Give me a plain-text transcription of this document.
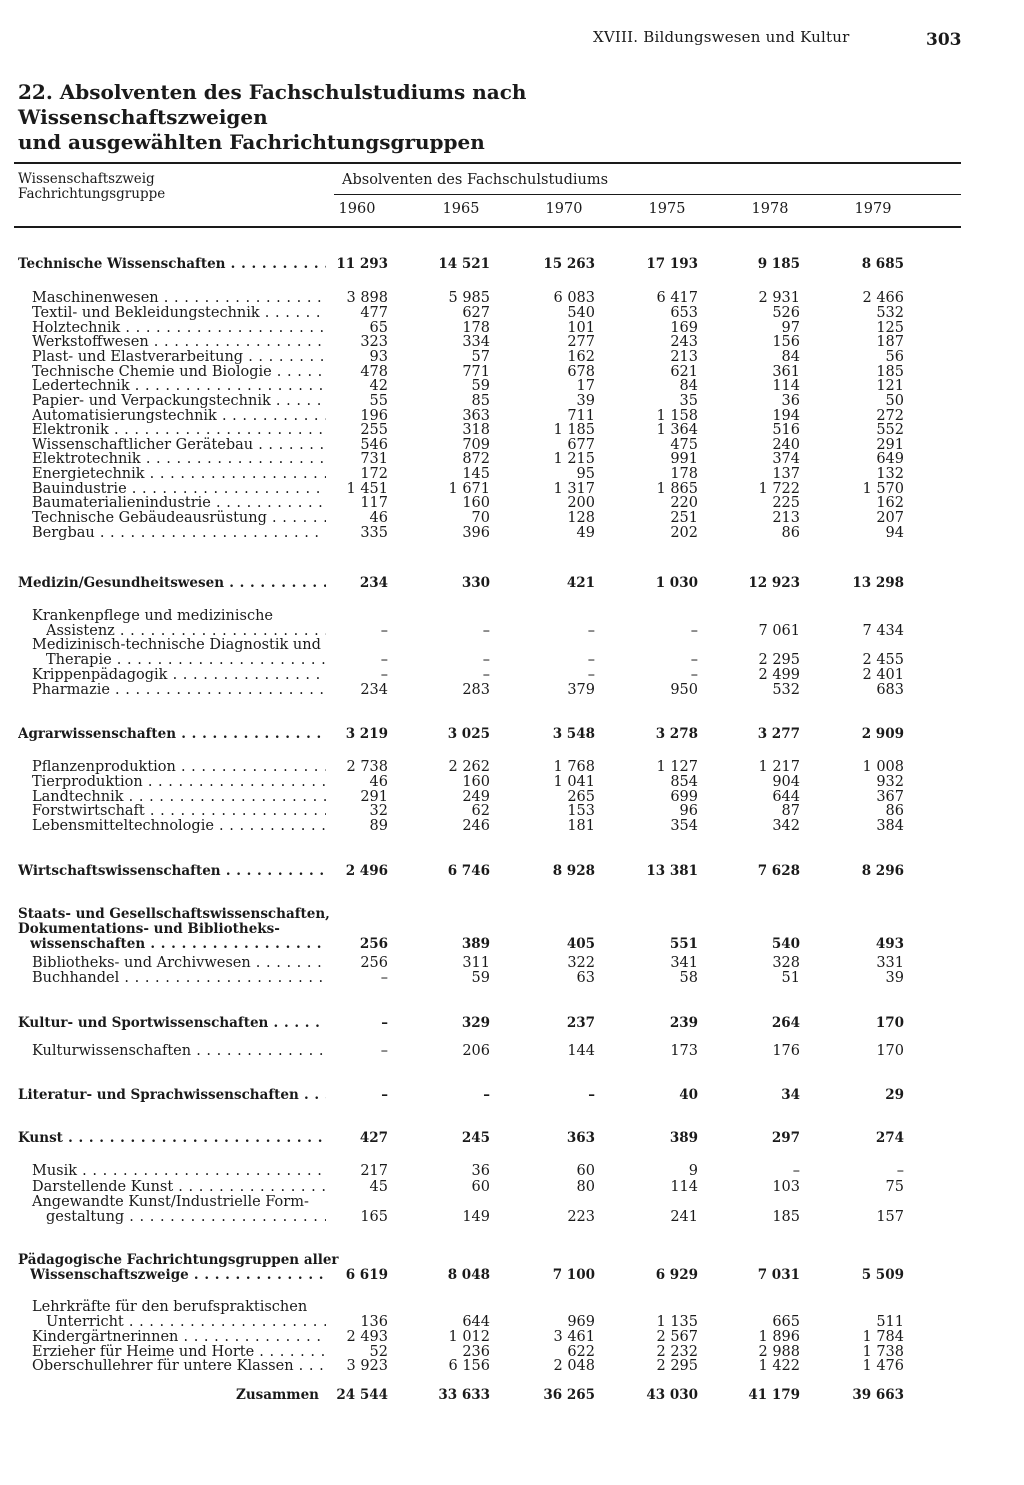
XVIII. Bildungswesen und Kultur	303
22. Absolventen des Fachschulstudiums nach Wissenschaftszweigen
und ausgewählten Fachrichtungsgruppen
Wissenschaftszweig
Fachrichtungsgruppe
Absolventen des Fachschulstudiums
1960	1965	1970	1975	1978	1979
Technische Wissenschaften . . .	11 293	14 521	15 263	17 193	9 185	8 685
Maschinenwesen . . .	3 898	5 985	6 083	6 417	2 931	2 466
Textil- und Bekleidungstechnik . . .	477	627	540	653	526	532
Holztechnik . . .	65	178	101	169	97	125
Werkstoffwesen . . .	323	334	277	243	156	187
Plast- und Elastverarbeitung . . .	93	57	162	213	84	56
Technische Chemie und Biologie . . .	478	771	678	621	361	185
Ledertechnik . . .	42	59	17	84	114	121
Papier- und Verpackungstechnik . . .	55	85	39	35	36	50
Automatisierungstechnik . . .	196	363	711	1 158	194	272
Elektronik . . .	255	318	1 185	1 364	516	552
Wissenschaftlicher Gerätebau . . .	546	709	677	475	240	291
Elektrotechnik . . .	731	872	1 215	991	374	649
Energietechnik . . .	172	145	95	178	137	132
Bauindustrie . . .	1 451	1 671	1 317	1 865	1 722	1 570
Baumaterialienindustrie . . .	117	160	200	220	225	162
Technische Gebäudeausrüstung . . .	46	70	128	251	213	207
Bergbau . . .	335	396	49	202	86	94
Medizin/Gesundheitswesen . . .	234	330	421	1 030	12 923	13 298
Krankenpflege und medizinische
Assistenz . . .	–	–	–	–	7 061	7 434
Medizinisch-technische Diagnostik und
Therapie . . .	–	–	–	–	2 295	2 455
Krippenpädagogik . . .	–	–	–	–	2 499	2 401
Pharmazie . . .	234	283	379	950	532	683
Agrarwissenschaften . . .	3 219	3 025	3 548	3 278	3 277	2 909
Pflanzenproduktion . . .	2 738	2 262	1 768	1 127	1 217	1 008
Tierproduktion . . .	46	160	1 041	854	904	932
Landtechnik . . .	291	249	265	699	644	367
Forstwirtschaft . . .	32	62	153	96	87	86
Lebensmitteltechnologie . . .	89	246	181	354	342	384
Wirtschaftswissenschaften . . .	2 496	6 746	8 928	13 381	7 628	8 296
Staats- und Gesellschaftswissenschaften,
Dokumentations- und Bibliotheks-
wissenschaften . . .	256	389	405	551	540	493
Bibliotheks- und Archivwesen . . .	256	311	322	341	328	331
Buchhandel . . .	–	59	63	58	51	39
Kultur- und Sportwissenschaften . . .	–	329	237	239	264	170
Kulturwissenschaften . . .	–	206	144	173	176	170
Literatur- und Sprachwissenschaften . . .	–	–	–	40	34	29
Kunst . . .	427	245	363	389	297	274
Musik . . .	217	36	60	9	–	–
Darstellende Kunst . . .	45	60	80	114	103	75
Angewandte Kunst/Industrielle Form-
gestaltung . . .	165	149	223	241	185	157
Pädagogische Fachrichtungsgruppen aller
Wissenschaftszweige . . .	6 619	8 048	7 100	6 929	7 031	5 509
Lehrkräfte für den berufspraktischen
Unterricht . . .	136	644	969	1 135	665	511
Kindergärtnerinnen . . .	2 493	1 012	3 461	2 567	1 896	1 784
Erzieher für Heime und Horte . . .	52	236	622	2 232	2 988	1 738
Oberschullehrer für untere Klassen . . .	3 923	6 156	2 048	2 295	1 422	1 476
Zusammen	24 544	33 633	36 265	43 030	41 179	39 663
